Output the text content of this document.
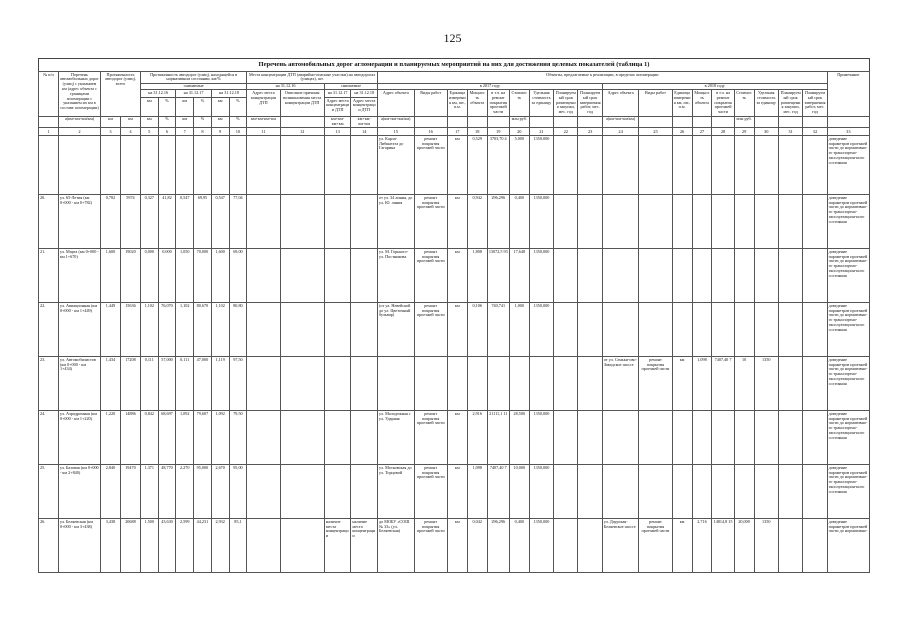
125
Перечень автомобильных дорог агломерации и планируемых мероприятий на них для достижения целевых показателей (таблица 1)
№ п/п	Перечень автомобильных дорог (улиц) с указанием км (адрес объекта с границами агломерации с указанием их км в составе агломерации)	Протяженность автодорог (улиц), всего		Протяженность автодорог (улиц), находящейся в нормативном состоянии, км/%						Места концентрации ДТП (аварийно-опасные участки) на автодорогах (улицах), шт.				Объекты, предлагаемые к реализации, в пределах агломерации																		Примечание
				снимаемые						на 31.12.16		снимаемые		в 2017 году									в 2018 году									
				на 31.12.16		на 31.12.17		на 31.12.18		Адрес места концентрации ДТП	Описание причины возникновения места концентрации ДТП	на 31.12.17	на 31.12.18	Адрес объекта	Виды работ	Единица измерения км, шт., п.м.	Мощность объекта	в т.ч. на ремонт покрытия проезжей части	Стоимость	Удельная стоимость за единицу	Планируемый срок размещения закупки, мес. год	Планируемый срок завершения работ, мес. год	Адрес объекта	Виды работ	Единица измерения км, шт., п.м.	Мощность объекта	в т.ч. на ремонт покрытия проезжей части	Стоимость	Удельная стоимость за единицу	Планируемый срок размещения закупки, мес. год	Планируемый срок завершения работ, мес. год	
				км	%	км	%	км	%			Адрес места концентрации ДТП	Адрес места концентрации ДТП																			
	а(км+км+км/км)	км	км	км	%	км	%	км	%	км+км-км+км		км+км-км+км	км+км-км+км	а(км+км+км/км)					млн руб.				а(км+км+км/км)					млн руб.				
1	2	3	4	5	6	7	8	9	10	11	12	13	14	15	16	17	18	19	20	21	22	23	24	25	26	27	28	29	30	31	32	33
														ул. Карла-Либкнехта до Гагарина	ремонт покрытия проезжей части	км	0,529	3703,70 4	5,000	1350,000												доведение параметров проезжей части до нормативно-го транспортно-эксплуатацион-ного состояния
20.	ул. 65-Летия (км 0+000 - км 0+782)	0,782	5974	0,327	41,82	0,547	69,95	0,547	77,04					от ул. 34 линия, до ул. Ю. линия	ремонт покрытия проезжей части	км	0,942	296,296	0,400	1350,000												доведение параметров проезжей части до нормативно-го транспортно-эксплуатацион-ного состояния
21.	ул. Марта (км 0+000 - км 1+670)	1,600	19020	0,000	0,000	1,050	70,000	1,600	69,00					ул. М. Горького-ул. Постникова	ремонт покрытия проезжей части	км	1,808	13072,5 93	17,648	1350,000												доведение параметров проезжей части до нормативно-го транспортно-эксплуатацион-ного состояния
22.	ул. Авиационная (км 0+000 - км 1+449)	1,449	15636	1,102	76,070	1,102	80,670	1,102	80,80					(от ул. Невейской до ул. Цветочный бульвар)	ремонт покрытия проезжей части	км	0,106	740,741	1,000	1350,000												доведение параметров проезжей части до нормативно-го транспортно-эксплуатацион-ного состояния
23.	ул. Автомобилистов (км 0+000 - км 1+434)	1,434	17208	0,111	57,000	0,111	47,000	1,119	97,50														от ул. Сеньки-ово-Заводское шоссе	ремонт покрытия проезжей части	км	1,098	7407,40 7	10	1350			доведение параметров проезжей части до нормативно-го транспортно-эксплуатацион-ного состояния
24.	ул. Аэродромная (км 0+000 - км 1+220)	1,220	14886	0,842	68,697	1,092	79,607	1,092	79,50					ул. Молодежная с ул. Ударная	ремонт покрытия проезжей части	км	2,916	21111,1 11	28,500	1350,000												доведение параметров проезжей части до нормативно-го транспортно-эксплуатацион-ного состояния
25.	ул. Базовая (км 0+000 - км 2+840)	2,840	19470	1,371	48,770	2,270	95,000	2,670	95,00					ул. Московская до ул. Торцовой	ремонт покрытия проезжей части	км	1,098	7407,40 7	10,000	1350,000												доведение параметров проезжей части до нормативно-го транспортно-эксплуатацион-ного состояния
26.	ул. Беляевская (км 0+000 - км 3+438)	3,438	20688	1,500	43,630	2,599	44,231	2,932	85,1			наличие места концентрации	наличие места концентрации	до МОБУ «СОШ № 33» (ул. Беляевская)	ремонт покрытия проезжей части	км	0,042	296,296	0,400	1350,000			ул. Даурская-Беляевское шоссе	ремонт покрытия проезжей части	км	2,716	14814,8 15	20,000	1350			доведение параметров проезжей части до нормативно-
